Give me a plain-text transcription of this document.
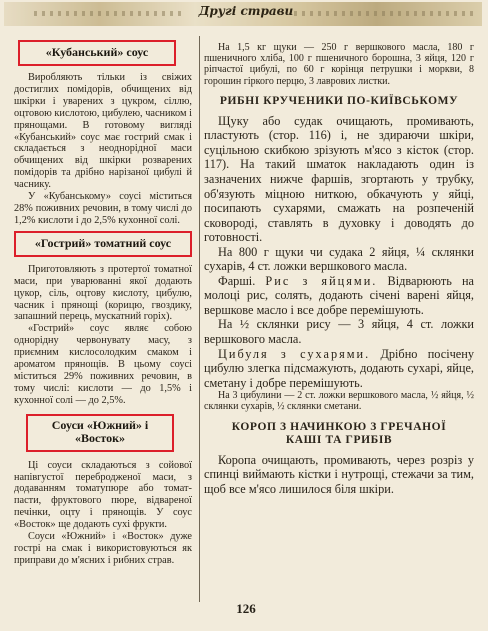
Другі страви
«Кубанський» соус

Виробляють тільки із свіжих достиглих помідорів, обчищених від шкірки і уварених з цукром, сіллю, оцтовою кислотою, цибулею, часником і прянощами. В готовому вигляді «Кубанський» соус має гострий смак і складається з неоднорідної маси обчищених від шкірки розварених помідорів та дрібно нарізаної цибулі й часнику.

У «Кубанському» соусі міститься 28% поживних речовин, в тому числі до 1,2% кислоти і до 2,5% кухонної солі.

«Гострий» томатний соус

Приготовляють з протертої томатної маси, при уварюванні якої додають цукор, сіль, оцтову кислоту, цибулю, часник і прянощі (корицю, гвоздику, запашний перець, мускатний горіх).

«Гострий» соус являє собою однорідну червонувату масу, з приємним кислосолодким смаком і ароматом прянощів. В цьому соусі міститься 29% поживних речовин, в тому числі: кислоти — до 1,5% і кухонної солі — до 2,5%.

Соуси «Южний» і
«Восток»

Ці соуси складаються з сойової напівгустої перебродженої маси, з додаванням томатупюре або томат-пасти, фруктового пюре, відвареної печінки, оцту і прянощів. У соус «Восток» ще додають сухі фрукти.

Соуси «Южний» і «Восток» дуже гострі на смак і використовуються як приправи до м'ясних і рибних страв.

На 1,5 кг щуки — 250 г вершкового масла, 180 г пшеничного хліба, 100 г пшеничного борошна, 3 яйця, 120 г ріпчастої цибулі, по 60 г корінця петрушки і моркви, 8 горошин гіркого перцю, 3 лаврових листки.

РИБНІ КРУЧЕНИКИ ПО-КИЇВСЬКОМУ

Щуку або судак очищають, промивають, пластують (стор. 116) і, не здираючи шкіри, суцільною скибкою зрізують м'ясо з кісток (стор. 117). На такий шматок накладають один із зазначених нижче фаршів, згортають у трубку, об'язують міцною ниткою, обкачують у яйці, посипають сухарями, смажать на розпеченій сковороді, ставлять в духовку і доводять до готовності.

На 800 г щуки чи судака 2 яйця, ¼ склянки сухарів, 4 ст. ложки вершкового масла.

Фарші. Рис з яйцями. Відварюють на молоці рис, солять, додають січені варені яйця, вершкове масло і все добре перемішують.

На ½ склянки рису — 3 яйця, 4 ст. ложки вершкового масла.

Цибуля з сухарями. Дрібно посічену цибулю злегка підсмажують, додають сухарі, яйце, сметану і добре перемішують.

На 3 цибулини — 2 ст. ложки вершкового масла, ½ яйця, ½ склянки сухарів, ½ склянки сметани.

КОРОП З НАЧИНКОЮ З ГРЕЧАНОЇ
КАШІ ТА ГРИБІВ

Коропа очищають, промивають, через розріз у спинці виймають кістки і нутрощі, стежачи за тим, щоб все м'ясо лишилося біля шкіри.

126
